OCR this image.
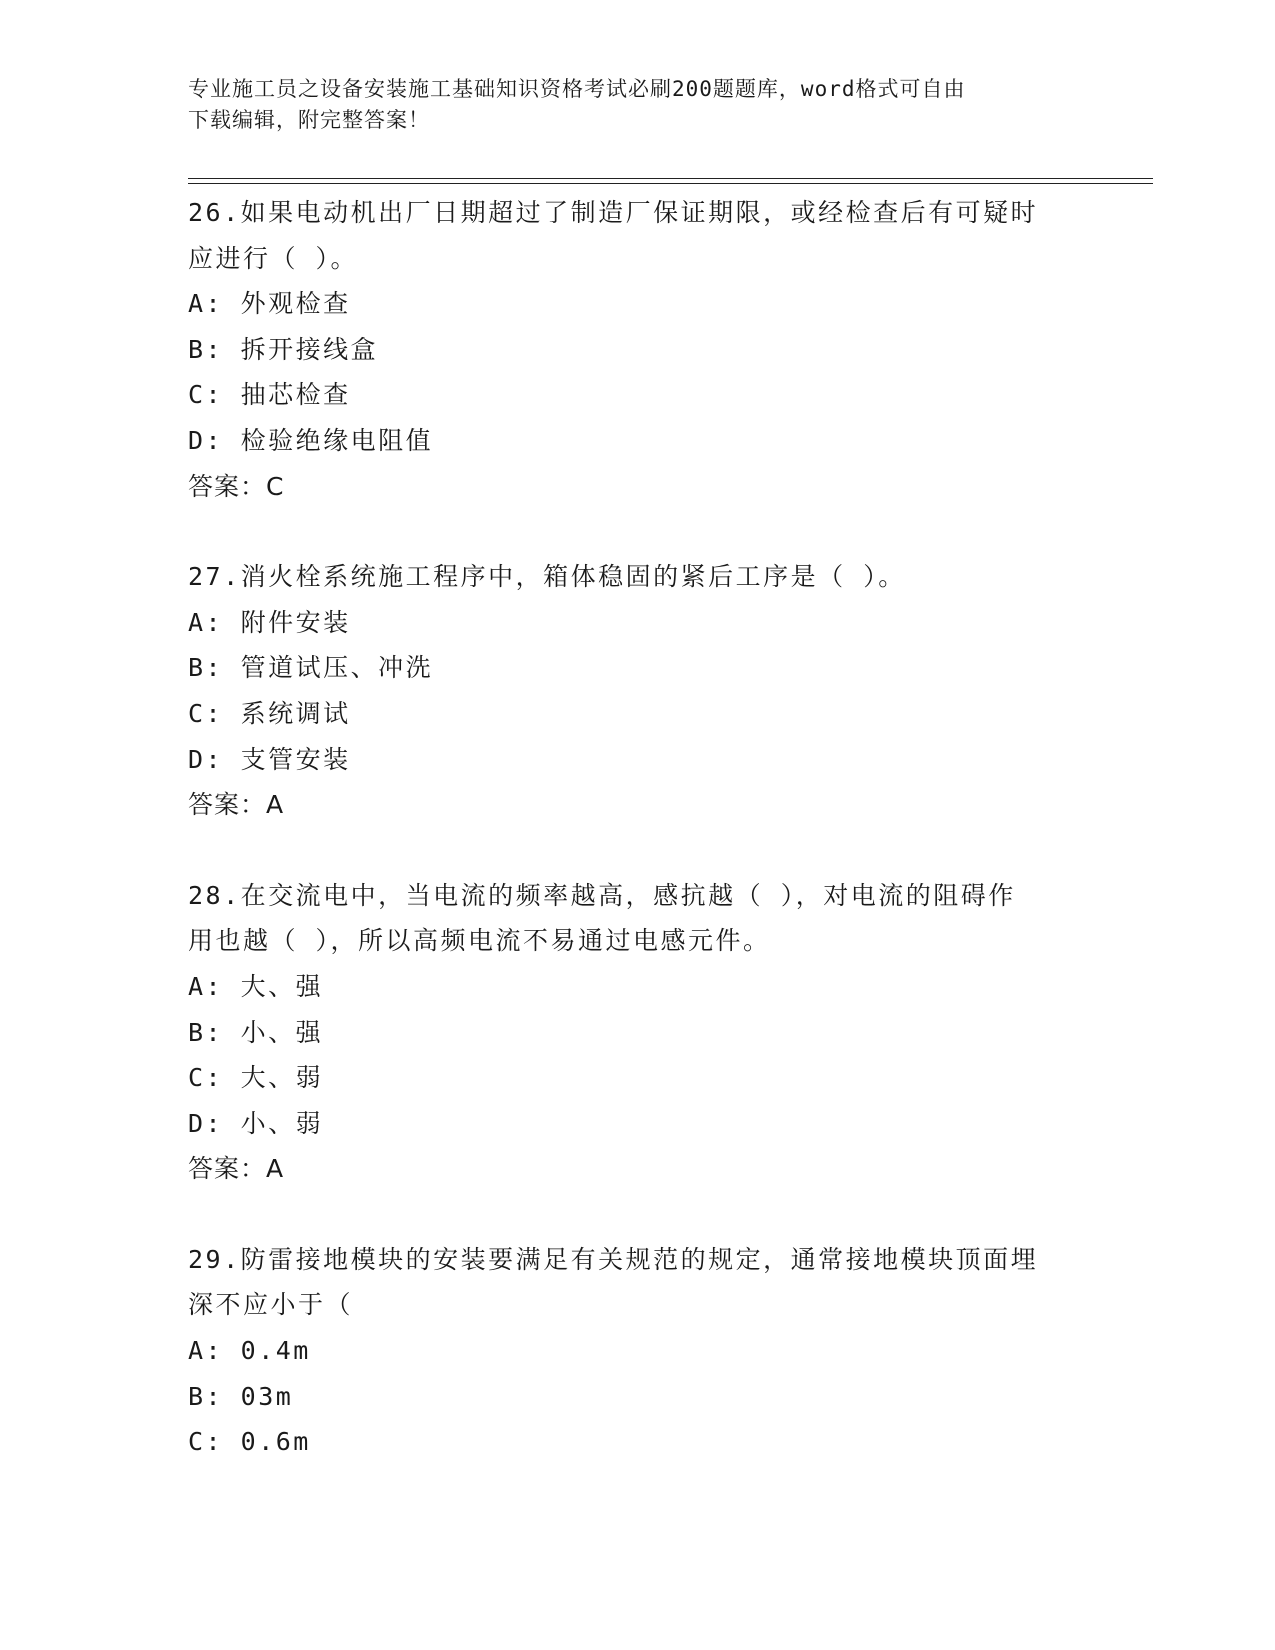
专业施工员之设备安装施工基础知识资格考试必刷200题题库，word格式可自由
下载编辑，附完整答案！
26.如果电动机出厂日期超过了制造厂保证期限，或经检查后有可疑时
应进行（ ）。
A: 外观检查
B: 拆开接线盒
C: 抽芯检查
D: 检验绝缘电阻值
答案：C
27.消火栓系统施工程序中，箱体稳固的紧后工序是（ ）。
A: 附件安装
B: 管道试压、冲洗
C: 系统调试
D: 支管安装
答案：A
28.在交流电中，当电流的频率越高，感抗越（ ），对电流的阻碍作
用也越（ ），所以高频电流不易通过电感元件。
A: 大、强
B: 小、强
C: 大、弱
D: 小、弱
答案：A
29.防雷接地模块的安装要满足有关规范的规定，通常接地模块顶面埋
深不应小于（
A: 0.4m
B: 03m
C: 0.6m
